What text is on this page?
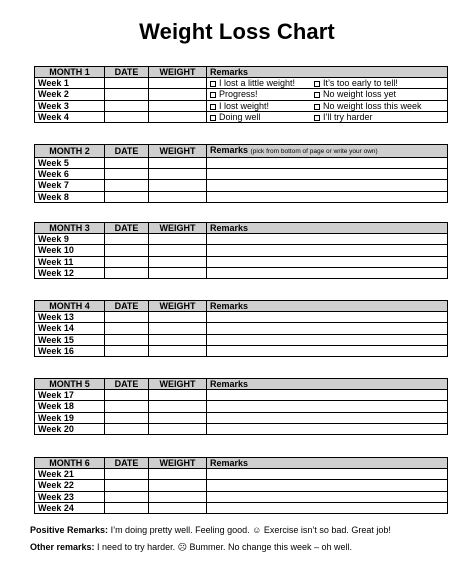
Weight Loss Chart
MONTH 1	DATE	WEIGHT	Remarks
Week 1			I lost a little weight! It’s too early to tell!
Week 2			Progress! No weight loss yet
Week 3			I lost weight! No weight loss this week
Week 4			Doing well I’ll try harder
MONTH 2	DATE	WEIGHT	Remarks (pick from bottom of page or write your own)
Week 5			
Week 6			
Week 7			
Week 8			
MONTH 3	DATE	WEIGHT	Remarks
Week 9			
Week 10			
Week 11			
Week 12			
MONTH 4	DATE	WEIGHT	Remarks
Week 13			
Week 14			
Week 15			
Week 16			
MONTH 5	DATE	WEIGHT	Remarks
Week 17			
Week 18			
Week 19			
Week 20			
MONTH 6	DATE	WEIGHT	Remarks
Week 21			
Week 22			
Week 23			
Week 24			
Positive Remarks: I’m doing pretty well. Feeling good. ☺ Exercise isn’t so bad. Great job!
Other remarks: I need to try harder. ☹ Bummer. No change this week – oh well.
